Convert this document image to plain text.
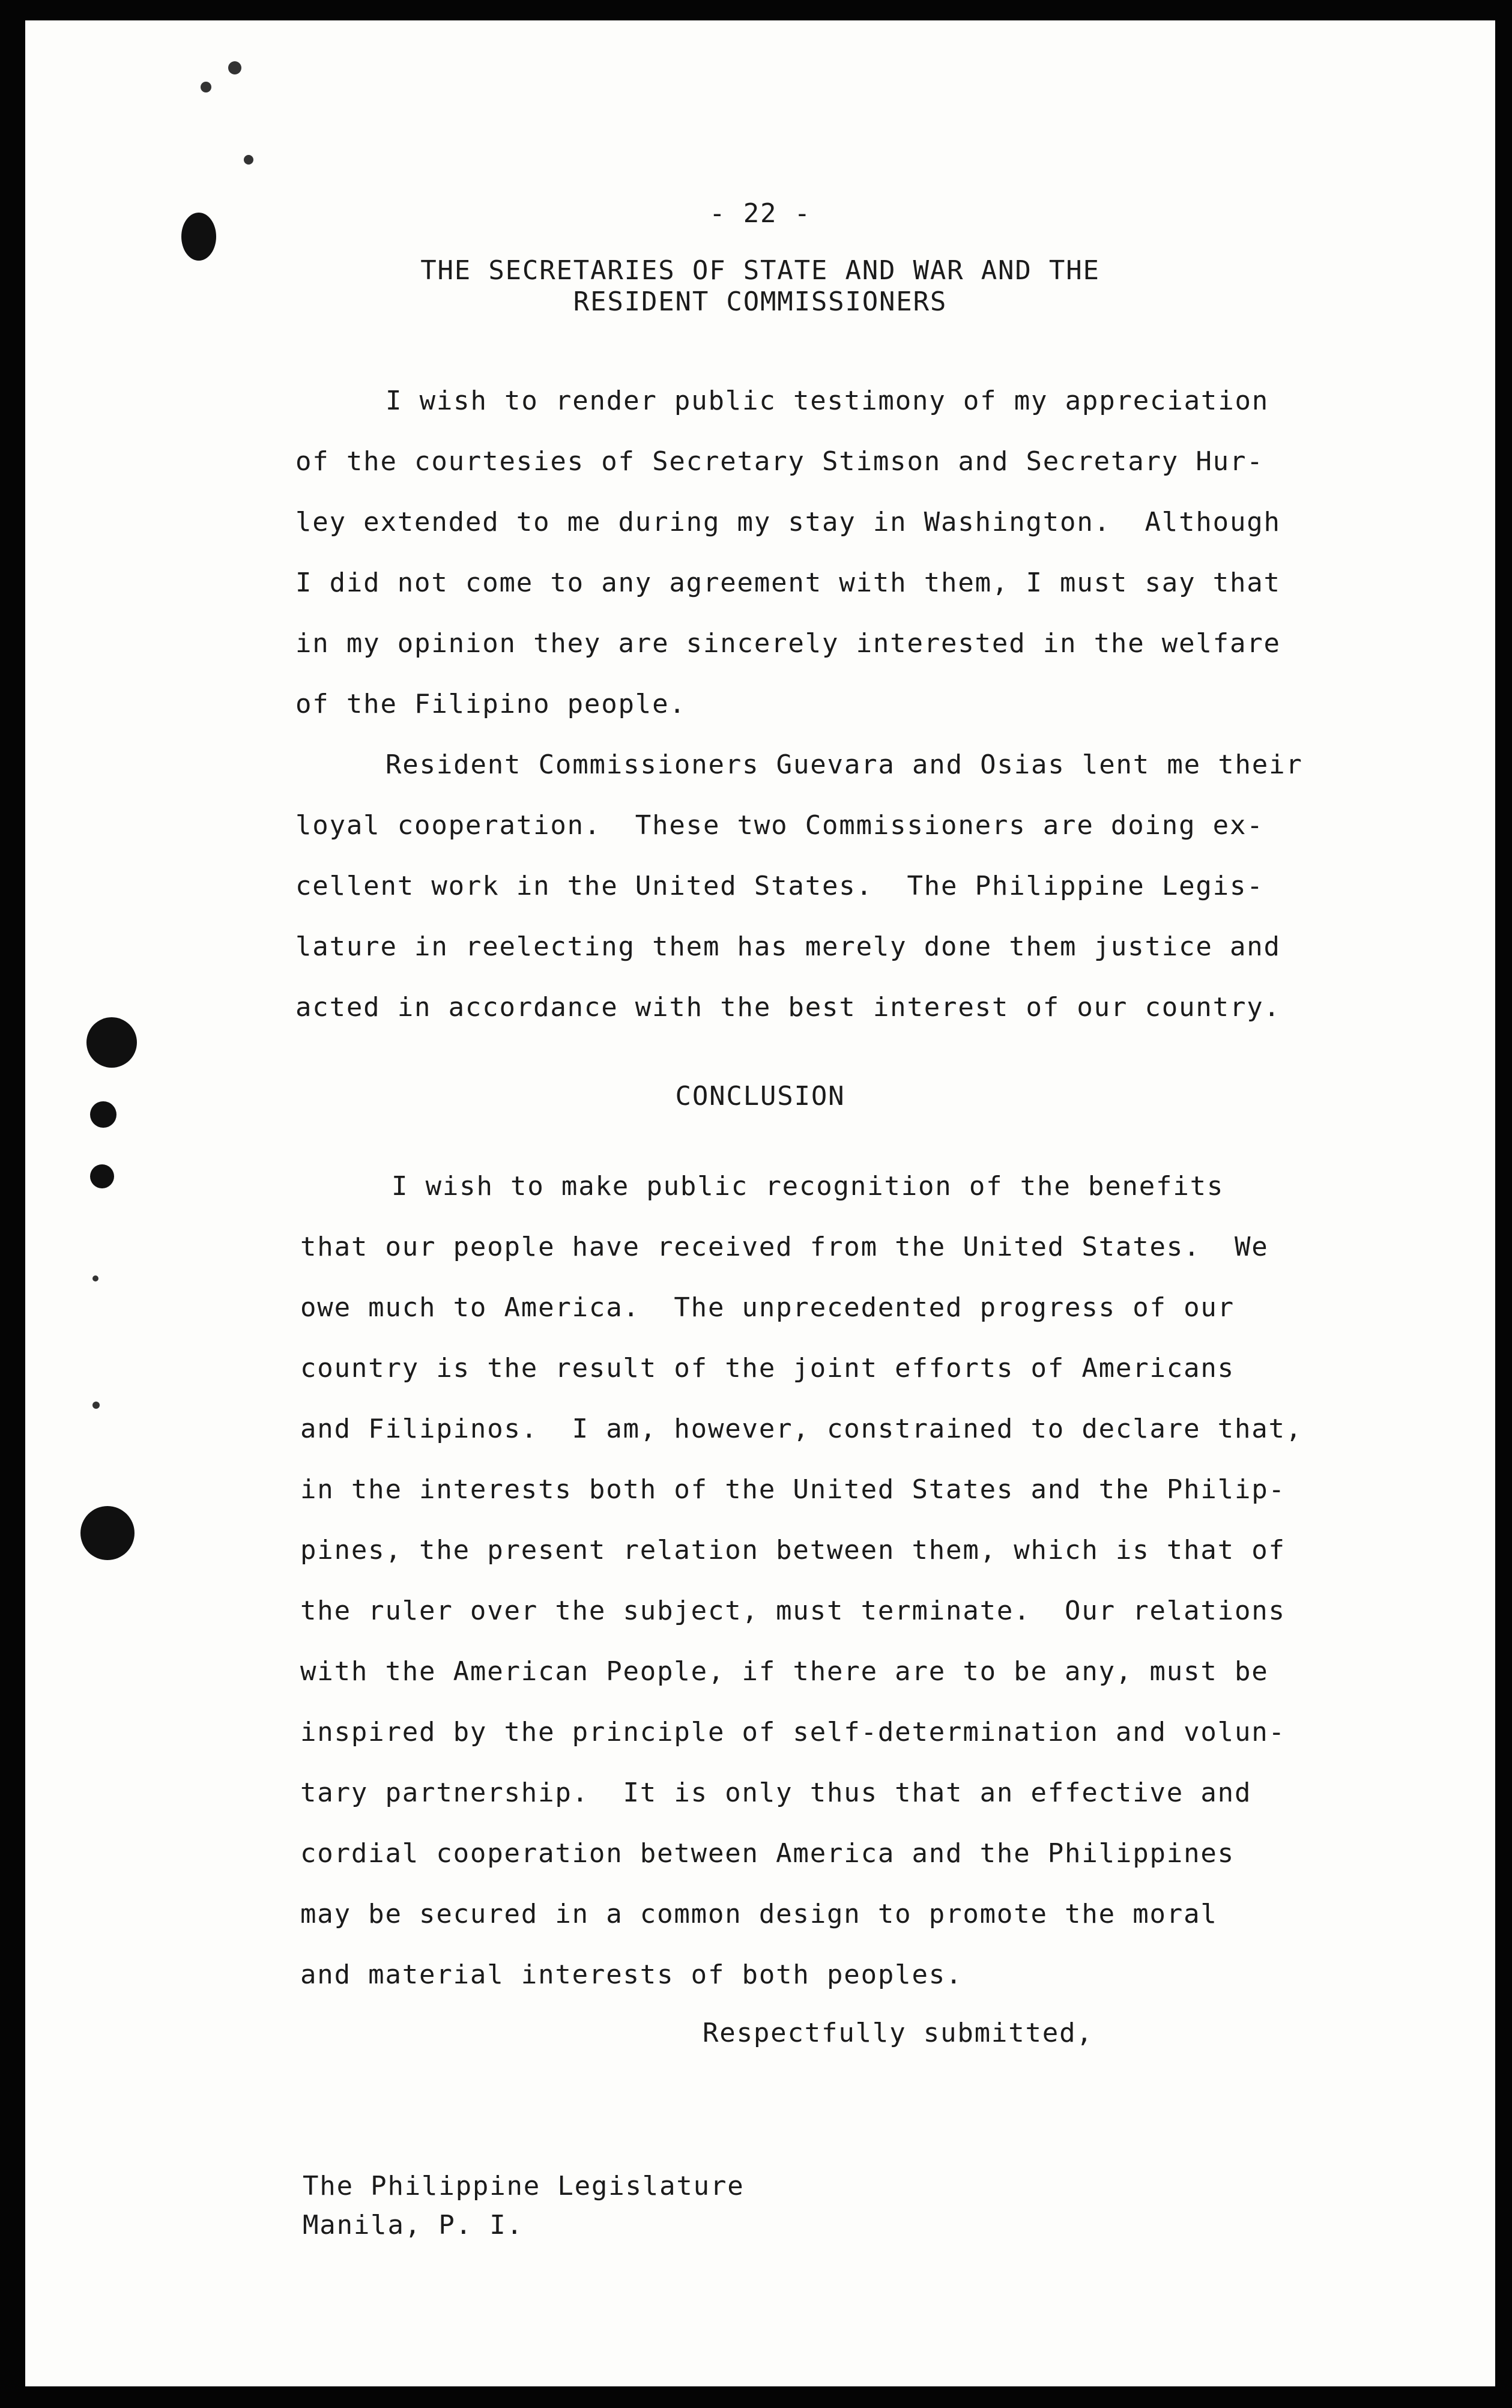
- 22 -

THE SECRETARIES OF STATE AND WAR AND THE

RESIDENT COMMISSIONERS

I wish to render public testimony of my appreciation

of the courtesies of Secretary Stimson and Secretary Hur-

ley extended to me during my stay in Washington.  Although

I did not come to any agreement with them, I must say that

in my opinion they are sincerely interested in the welfare

of the Filipino people.

Resident Commissioners Guevara and Osias lent me their

loyal cooperation.  These two Commissioners are doing ex-

cellent work in the United States.  The Philippine Legis-

lature in reelecting them has merely done them justice and

acted in accordance with the best interest of our country.

CONCLUSION

I wish to make public recognition of the benefits

that our people have received from the United States.  We

owe much to America.  The unprecedented progress of our

country is the result of the joint efforts of Americans

and Filipinos.  I am, however, constrained to declare that,

in the interests both of the United States and the Philip-

pines, the present relation between them, which is that of

the ruler over the subject, must terminate.  Our relations

with the American People, if there are to be any, must be

inspired by the principle of self-determination and volun-

tary partnership.  It is only thus that an effective and

cordial cooperation between America and the Philippines

may be secured in a common design to promote the moral

and material interests of both peoples.

Respectfully submitted,

The Philippine Legislature

Manila, P. I.
